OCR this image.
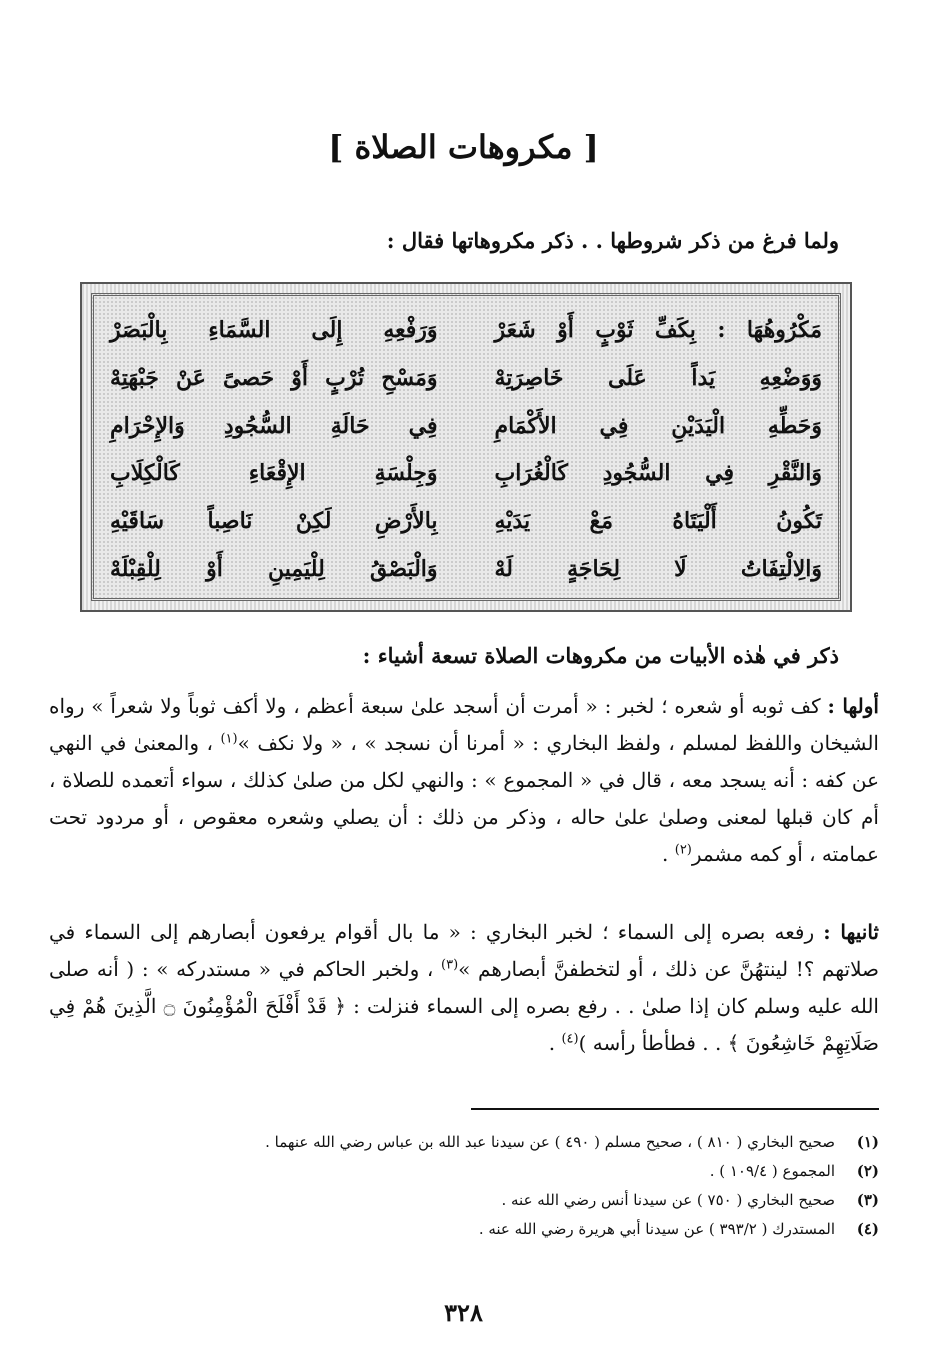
[ مكروهات الصلاة ]

ولما فرغ من ذكر شروطها . . ذكر مكروهاتها فقال :

مَكْرُوهُهَا : بِكَفِّ ثَوْبٍ أَوْ شَعَرْ
وَرَفْعِهِ إِلَى السَّمَاءِ بِالْبَصَرْ
وَوَضْعِهِ يَداً عَلَى خَاصِرَتِهْ
وَمَسْحِ تُرْبٍ أَوْ حَصىً عَنْ جَبْهَتِهْ
وَحَطِّهِ الْيَدَيْنِ فِي الأَكْمَامِ
فِي حَالَةِ السُّجُودِ وَالإِحْرَامِ
وَالنَّقْرِ فِي السُّجُودِ كَالْغُرَابِ
وَجِلْسَةِ الإِقْعَاءِ كَالْكِلَابِ
تَكُونُ أَلْيَتَاهُ مَعْ يَدَيْهِ
بِالأَرْضِ لَكِنْ نَاصِباً سَاقَيْهِ
وَالِالْتِفَاتُ لَا لِحَاجَةٍ لَهْ
وَالْبَصْقُ لِلْيَمِينِ أَوْ لِلْقِبْلَهْ

ذكر في هٰذه الأبيات من مكروهات الصلاة تسعة أشياء :

أولها : كف ثوبه أو شعره ؛ لخبر : « أمرت أن أسجد علىٰ سبعة أعظم ، ولا أكف ثوباً ولا شعراً » رواه الشيخان واللفظ لمسلم ، ولفظ البخاري : « أمرنا أن نسجد » ، « ولا نكف »$^{(١)}$ ، والمعنىٰ في النهي عن كفه : أنه يسجد معه ، قال في « المجموع » : والنهي لكل من صلىٰ كذلك ، سواء أتعمده للصلاة ، أم كان قبلها لمعنى وصلىٰ علىٰ حاله ، وذكر من ذلك : أن يصلي وشعره معقوص ، أو مردود تحت عمامته ، أو كمه مشمر$^{(٢)}$ .

ثانيها : رفعه بصره إلى السماء ؛ لخبر البخاري : « ما بال أقوام يرفعون أبصارهم إلى السماء في صلاتهم ؟! لينتهُنَّ عن ذلك ، أو لتخطفنَّ أبصارهم »$^{(٣)}$ ، ولخبر الحاكم في « مستدركه » : ( أنه صلى الله عليه وسلم كان إذا صلىٰ . . رفع بصره إلى السماء فنزلت : ﴿ قَدْ أَفْلَحَ الْمُؤْمِنُونَ ۝ الَّذِينَ هُمْ فِي صَلَاتِهِمْ خَاشِعُونَ ﴾ . . فطأطأ رأسه )$^{(٤)}$ .

(١)
صحيح البخاري ( ٨١٠ ) ، صحيح مسلم ( ٤٩٠ ) عن سيدنا عبد الله بن عباس رضي الله عنهما .
(٢)
المجموع ( ١٠٩/٤ ) .
(٣)
صحيح البخاري ( ٧٥٠ ) عن سيدنا أنس رضي الله عنه .
(٤)
المستدرك ( ٣٩٣/٢ ) عن سيدنا أبي هريرة رضي الله عنه .

٣٢٨
